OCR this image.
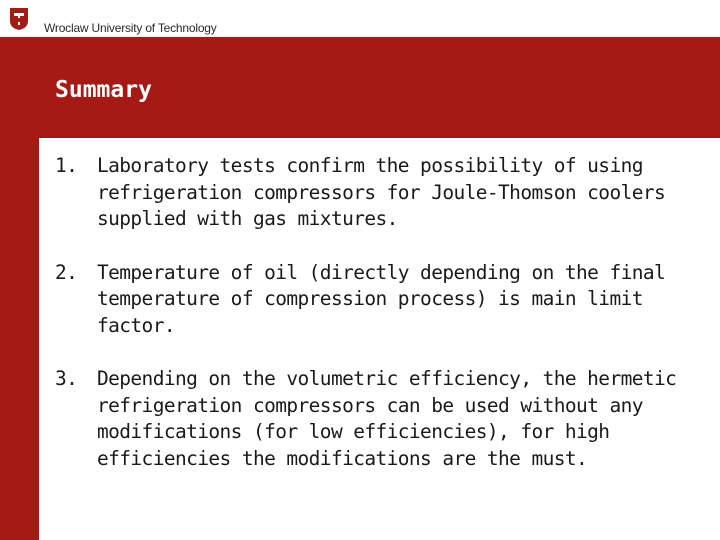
Wroclaw University of Technology
Summary
1. Laboratory tests confirm the possibility of using refrigeration compressors for Joule-Thomson coolers supplied with gas mixtures.
2. Temperature of oil (directly depending on the final temperature of compression process) is main limit factor.
3. Depending on the volumetric efficiency, the hermetic refrigeration compressors can be used without any modifications (for low efficiencies), for high efficiencies the modifications are the must.
